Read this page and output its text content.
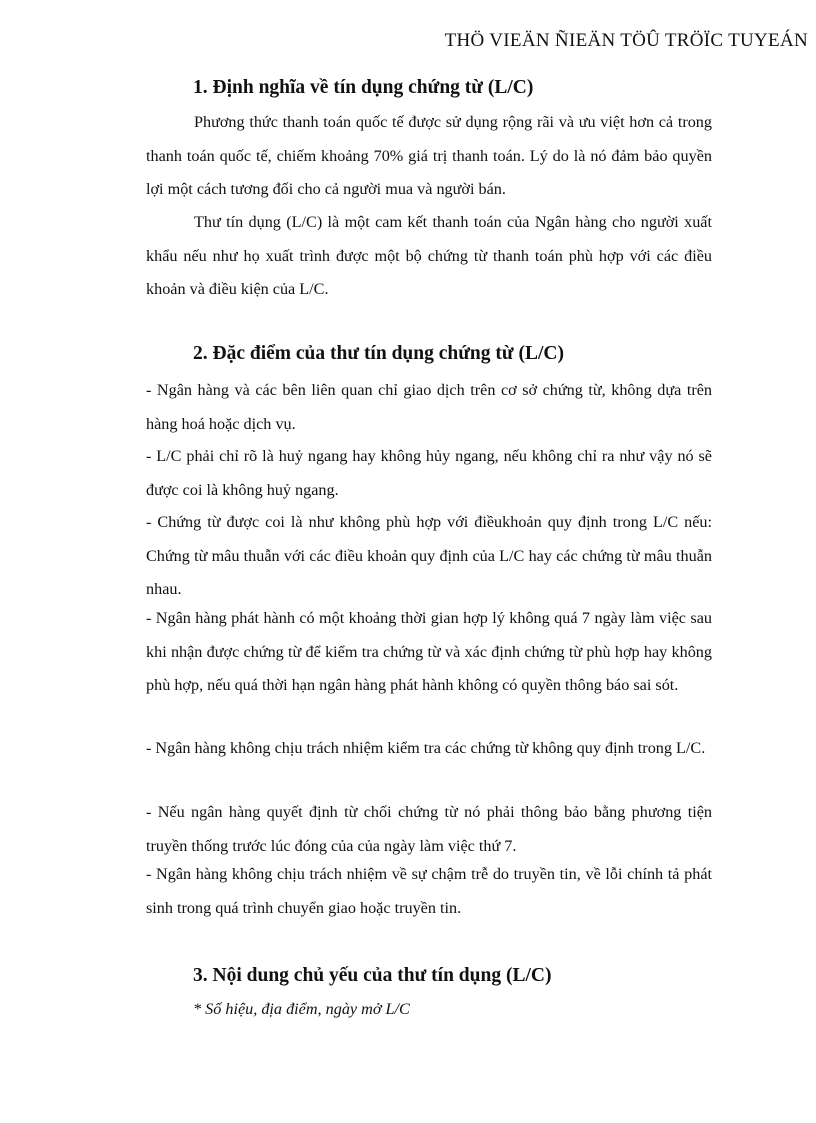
THÖ VIEÄN ÑIEÄN TÖÛ TRÖÏC TUYEÁN
1. Định nghĩa về tín dụng chứng từ (L/C)

Phương thức thanh toán quốc tế được sử dụng rộng rãi và ưu việt hơn cả trong thanh toán quốc tế, chiếm khoảng 70% giá trị thanh toán. Lý do là nó đảm bảo quyền lợi một cách tương đối cho cả người mua và người bán.

Thư tín dụng (L/C) là một cam kết thanh toán của Ngân hàng cho người xuất khẩu nếu như họ xuất trình được một bộ chứng từ thanh toán phù hợp với các điều khoản và điều kiện của L/C.

2. Đặc điểm của thư tín dụng chứng từ (L/C)

- Ngân hàng và các bên liên quan chỉ giao dịch trên cơ sở chứng từ, không dựa trên hàng hoá hoặc dịch vụ.

- L/C phải chỉ rõ là huỷ ngang hay không hủy ngang, nếu không chỉ ra như vậy nó sẽ được coi là không huỷ ngang.

- Chứng từ được coi là như không phù hợp với điềukhoản quy định trong L/C nếu: Chứng từ mâu thuẫn với các điều khoản quy định của L/C hay các chứng từ mâu thuẫn nhau.

- Ngân hàng phát hành có một khoảng thời gian hợp lý không quá 7 ngày làm việc sau khi nhận được chứng từ để kiểm tra chứng từ và xác định chứng từ phù hợp hay không phù hợp, nếu quá thời hạn ngân hàng phát hành không có quyền thông báo sai sót.

- Ngân hàng không chịu trách nhiệm kiểm tra các chứng từ không quy định trong L/C.

- Nếu ngân hàng quyết định từ chối chứng từ nó phải thông bảo bằng phương tiện truyền thống trước lúc đóng của của ngày làm việc thứ 7.

- Ngân hàng không chịu trách nhiệm về sự chậm trễ do truyền tin, về lỗi chính tả phát sinh trong quá trình chuyển giao hoặc truyền tin.

3. Nội dung chủ yếu của thư tín dụng (L/C)
* Số hiệu, địa điểm, ngày mở L/C
